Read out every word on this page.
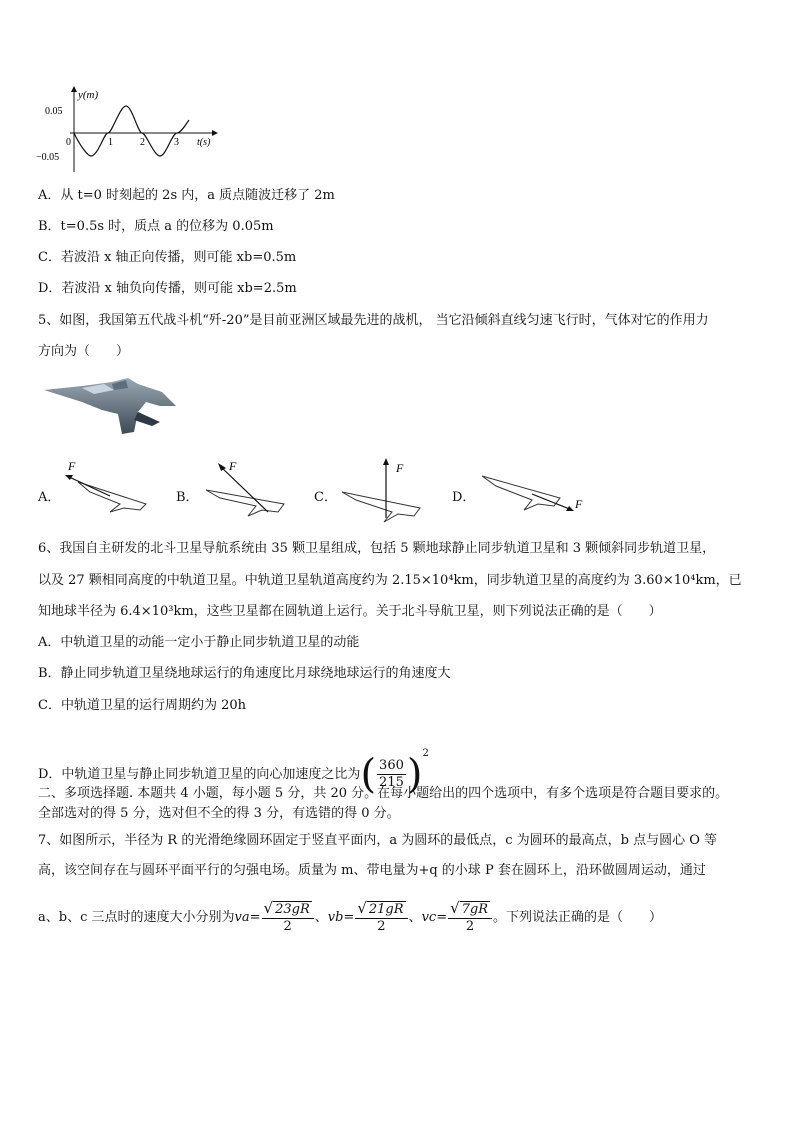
y(m)
0.05
−0.05
0	1	2	3 t(s)
A．从 t=0 时刻起的 2s 内，a 质点随波迁移了 2m
B．t=0.5s 时，质点 a 的位移为 0.05m
C．若波沿 x 轴正向传播，则可能 xb=0.5m
D．若波沿 x 轴负向传播，则可能 xb=2.5m
5、如图，我国第五代战斗机“歼-20”是目前亚洲区域最先进的战机， 当它沿倾斜直线匀速飞行时，气体对它的作用力
方向为（　　）
A．
F
B．
F
C．
F
D．	F
6、我国自主研发的北斗卫星导航系统由 35 颗卫星组成，包括 5 颗地球静止同步轨道卫星和 3 颗倾斜同步轨道卫星，
以及 27 颗相同高度的中轨道卫星。中轨道卫星轨道高度约为 2.15×10⁴km，同步轨道卫星的高度约为 3.60×10⁴km，已
知地球半径为 6.4×10³km，这些卫星都在圆轨道上运行。关于北斗导航卫星，则下列说法正确的是（　　）
A．中轨道卫星的动能一定小于静止同步轨道卫星的动能
B．静止同步轨道卫星绕地球运行的角速度比月球绕地球运行的角速度大
C．中轨道卫星的运行周期约为 20h
D．中轨道卫星与静止同步轨道卫星的向心加速度之比为( $\frac{360}{215} )^2$
二、多项选择题. 本题共 4 小题，每小题 5 分，共 20 分。在每小题给出的四个选项中，有多个选项是符合题目要求的。
全部选对的得 5 分，选对但不全的得 3 分，有选错的得 0 分。
7、如图所示，半径为 R 的光滑绝缘圆环固定于竖直平面内，a 为圆环的最低点，c 为圆环的最高点，b 点与圆心 O 等
高，该空间存在与圆环平面平行的匀强电场。质量为 m、带电量为+q 的小球 P 套在圆环上，沿环做圆周运动，通过
a、b、c 三点时的速度大小分别为$va= \frac{√ 23gR}{2}$ 、$vb= \frac{√ 21gR}{2}$ 、$vc= \frac{√ 7gR}{2}$ 。下列说法正确的是（　　）
